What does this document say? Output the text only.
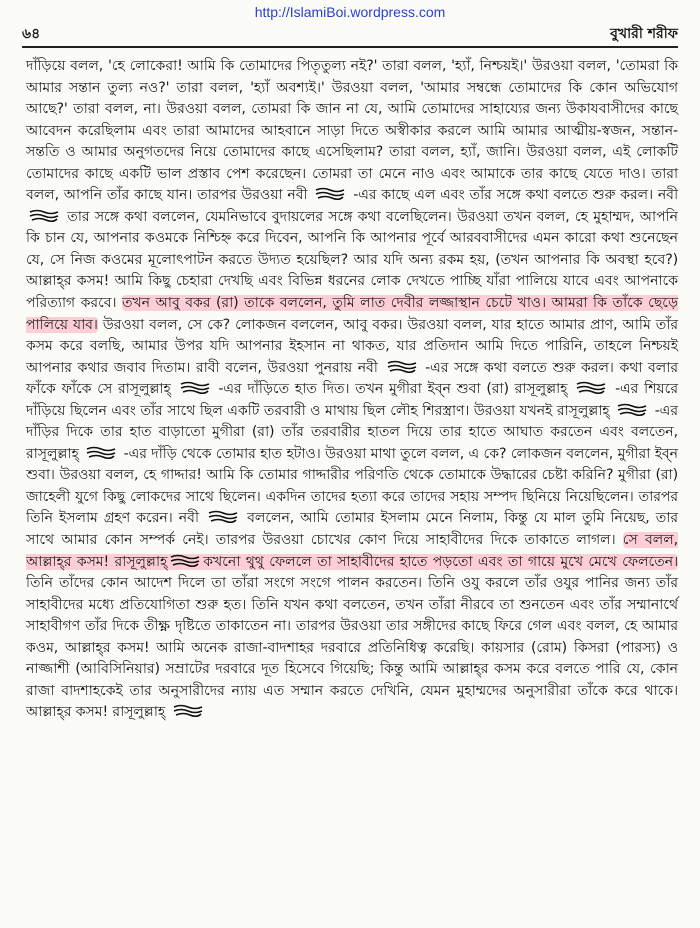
http://IslamiBoi.wordpress.com
৬৪	বুখারী শরীফ

দাঁড়িয়ে বলল, 'হে লোকেরা! আমি কি তোমাদের পিতৃতুল্য নই?' তারা বলল, 'হ্যাঁ, নিশ্চয়ই।' উরওয়া বলল, 'তোমরা কি আমার সন্তান তুল্য নও?' তারা বলল, 'হ্যাঁ অবশ্যই।' উরওয়া বলল, 'আমার সম্বন্ধে তোমাদের কি কোন অভিযোগ আছে?' তারা বলল, না। উরওয়া বলল, তোমরা কি জান না যে, আমি তোমাদের সাহায্যের জন্য উকাযবাসীদের কাছে আবেদন করেছিলাম এবং তারা আমাদের আহবানে সাড়া দিতে অস্বীকার করলে আমি আমার আত্মীয়-স্বজন, সন্তান-সন্ততি ও আমার অনুগতদের নিয়ে তোমাদের কাছে এসেছিলাম? তারা বলল, হ্যাঁ, জানি। উরওয়া বলল, এই লোকটি তোমাদের কাছে একটি ভাল প্রস্তাব পেশ করেছেন। তোমরা তা মেনে নাও এবং আমাকে তার কাছে যেতে দাও। তারা বলল, আপনি তাঁর কাছে যান। তারপর উরওয়া নবী	-এর কাছে এল এবং তাঁর সঙ্গে কথা বলতে শুরু করল। নবী
তার সঙ্গে কথা বললেন, যেমনিভাবে বুদায়লের সঙ্গে কথা বলেছিলেন। উরওয়া তখন বলল, হে মুহাম্মদ, আপনি কি চান যে, আপনার কওমকে নিশ্চিহ্ন করে দিবেন, আপনি কি আপনার পূর্বে আরববাসীদের এমন কারো কথা শুনেছেন যে, সে নিজ কওমের মূলোৎপাটন করতে উদ্যত হয়েছিল? আর যদি অন্য রকম হয়, (তখন আপনার কি অবস্থা হবে?) আল্লাহ্‌র কসম! আমি কিছু চেহারা দেখছি এবং বিভিন্ন ধরনের লোক দেখতে পাচ্ছি যাঁরা পালিয়ে যাবে এবং আপনাকে পরিত্যাগ করবে। তখন আবু বকর (রা) তাকে বললেন, তুমি লাত দেবীর লজ্জাস্থান চেটে খাও। আমরা কি তাঁকে ছেড়ে পালিয়ে যাব। উরওয়া বলল, সে কে? লোকজন বললেন, আবু বকর। উরওয়া বলল, যার হাতে আমার প্রাণ, আমি তাঁর কসম করে বলছি, আমার উপর যদি আপনার ইহসান না থাকত, যার প্রতিদান আমি দিতে পারিনি, তাহলে নিশ্চয়ই আপনার কথার জবাব দিতাম। রাবী বলেন, উরওয়া পুনরায় নবী	-এর সঙ্গে কথা বলতে শুরু করল। কথা বলার ফাঁকে ফাঁকে সে রাসূলুল্লাহ্	-এর দাঁড়িতে হাত দিত। তখন মুগীরা ইব্‌ন শুবা (রা) রাসূলুল্লাহ্	-এর শিয়রে দাঁড়িয়ে ছিলেন এবং তাঁর সাথে ছিল একটি তরবারী ও মাথায় ছিল লৌহ শিরস্ত্রাণ। উরওয়া যখনই রাসূলুল্লাহ্	-এর দাঁড়ির দিকে তার হাত বাড়াতো মুগীরা (রা) তাঁর তরবারীর হাতল দিয়ে তার হাতে আঘাত করতেন এবং বলতেন, রাসূলুল্লাহ্	-এর দাঁড়ি থেকে তোমার হাত হটাও। উরওয়া মাথা তুলে বলল, এ কে? লোকজন বললেন, মুগীরা ইব্‌ন শুবা। উরওয়া বলল, হে গাদ্দার! আমি কি তোমার গাদ্দারীর পরিণতি থেকে তোমাকে উদ্ধারের চেষ্টা করিনি? মুগীরা (রা) জাহেলী যুগে কিছু লোকদের সাথে ছিলেন। একদিন তাদের হত্যা করে তাদের সহায় সম্পদ ছিনিয়ে নিয়েছিলেন। তারপর তিনি ইসলাম গ্রহণ করেন। নবী	বললেন, আমি তোমার ইসলাম মেনে নিলাম, কিন্তু যে মাল তুমি নিয়েছ, তার সাথে আমার কোন সম্পর্ক নেই। তারপর উরওয়া চোখের কোণ দিয়ে সাহাবীদের দিকে তাকাতে লাগল। সে বলল, আল্লাহ্‌র কসম! রাসূলুল্লাহ্	কখনো থুথু ফেললে তা সাহাবীদের হাতে পড়তো এবং তা গায়ে মুখে মেখে ফেলতেন। তিনি তাঁদের কোন আদেশ দিলে তা তাঁরা সংগে সংগে পালন করতেন। তিনি ওযু করলে তাঁর ওযুর পানির জন্য তাঁর সাহাবীদের মধ্যে প্রতিযোগিতা শুরু হত। তিনি যখন কথা বলতেন, তখন তাঁরা নীরবে তা শুনতেন এবং তাঁর সম্মানার্থে সাহাবীগণ তাঁর দিকে তীক্ষ্ণ দৃষ্টিতে তাকাতেন না। তারপর উরওয়া তার সঙ্গীদের কাছে ফিরে গেল এবং বলল, হে আমার কওম, আল্লাহ্‌র কসম! আমি অনেক রাজা-বাদশাহর দরবারে প্রতিনিধিত্ব করেছি। কায়সার (রোম) কিসরা (পারস্য) ও নাজ্জাশী (আবিসিনিয়ার) সম্রাটের দরবারে দূত হিসেবে গিয়েছি; কিন্তু আমি আল্লাহ্‌র কসম করে বলতে পারি যে, কোন রাজা বাদশাহকেই তার অনুসারীদের ন্যায় এত সম্মান করতে দেখিনি, যেমন মুহাম্মদের অনুসারীরা তাঁকে করে থাকে। আল্লাহ্‌র কসম! রাসূলুল্লাহ্
